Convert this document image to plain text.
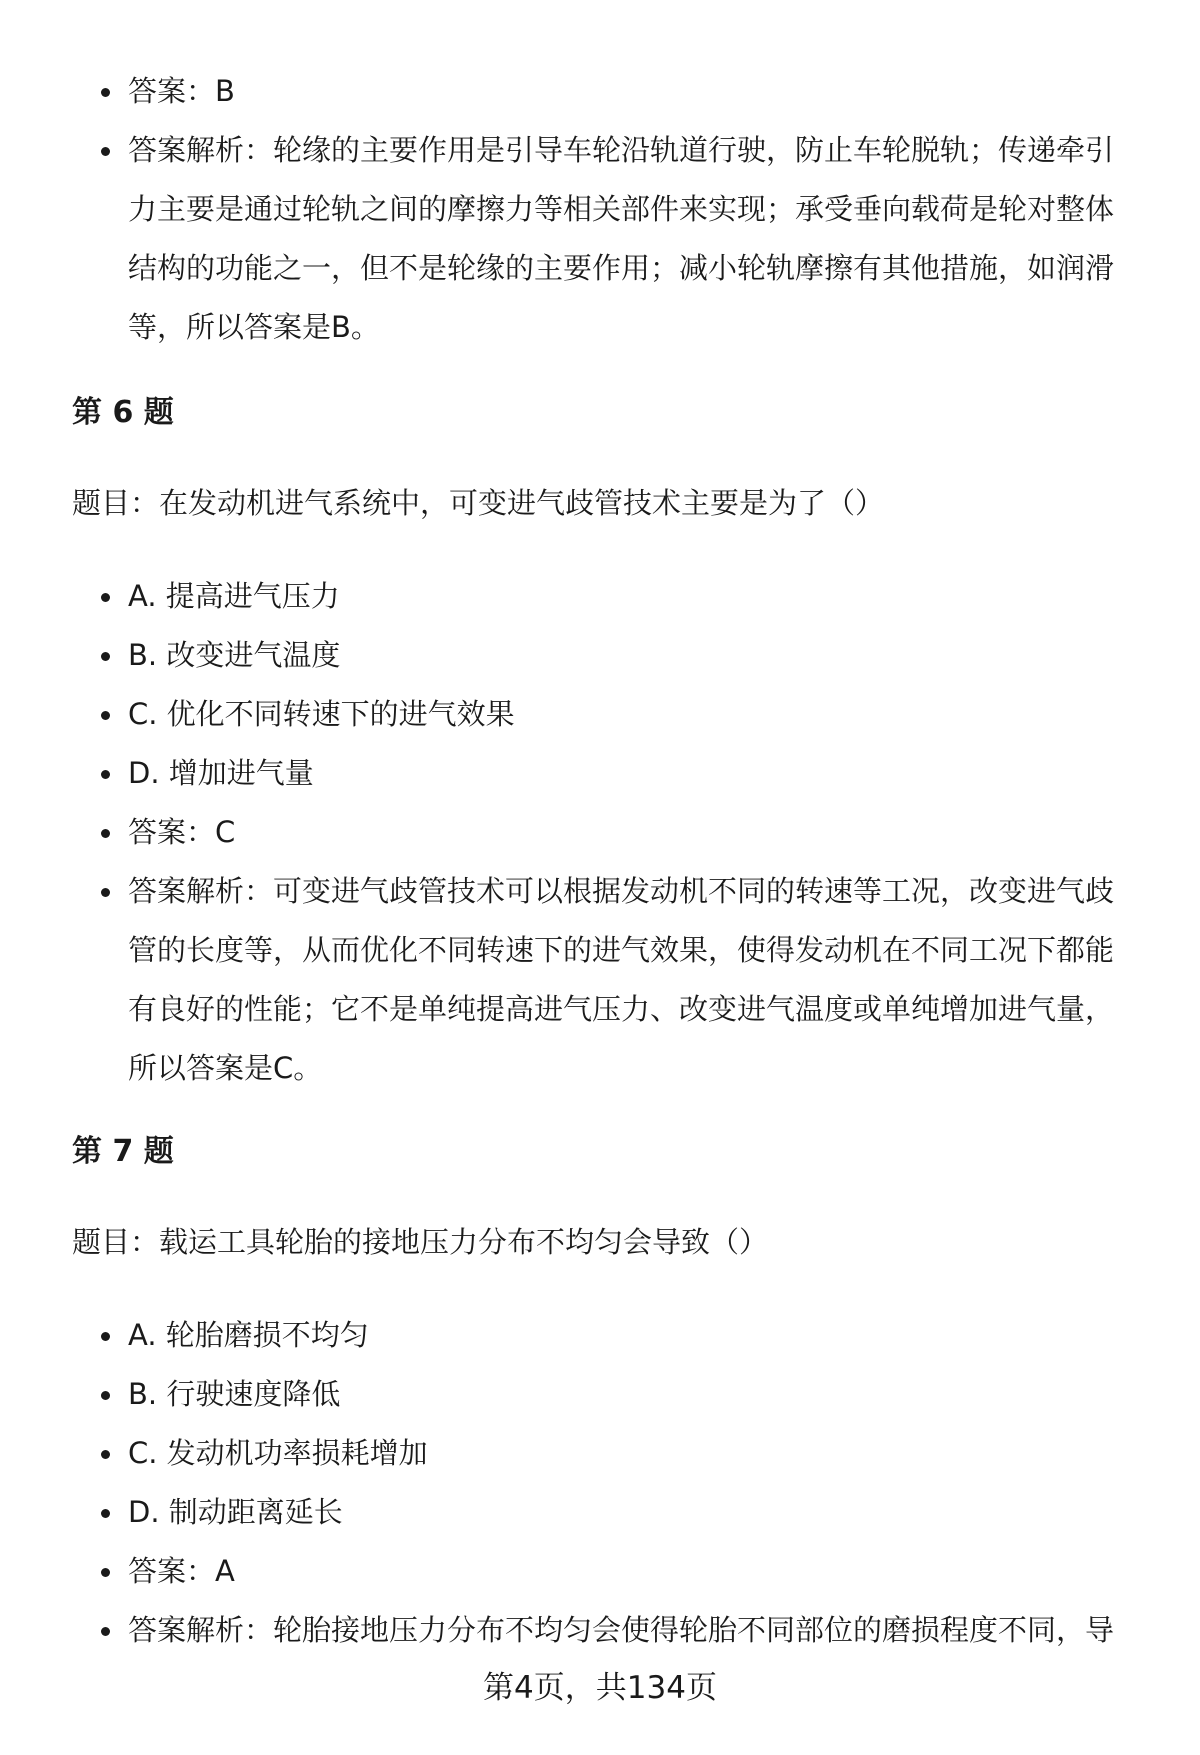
答案：B
答案解析：轮缘的主要作用是引导车轮沿轨道行驶，防止车轮脱轨；传递牵引力主要是通过轮轨之间的摩擦力等相关部件来实现；承受垂向载荷是轮对整体结构的功能之一，但不是轮缘的主要作用；减小轮轨摩擦有其他措施，如润滑等，所以答案是B。

第 6 题

题目：在发动机进气系统中，可变进气歧管技术主要是为了（）

A. 提高进气压力
B. 改变进气温度
C. 优化不同转速下的进气效果
D. 增加进气量
答案：C
答案解析：可变进气歧管技术可以根据发动机不同的转速等工况，改变进气歧管的长度等，从而优化不同转速下的进气效果，使得发动机在不同工况下都能有良好的性能；它不是单纯提高进气压力、改变进气温度或单纯增加进气量，所以答案是C。

第 7 题

题目：载运工具轮胎的接地压力分布不均匀会导致（）

A. 轮胎磨损不均匀
B. 行驶速度降低
C. 发动机功率损耗增加
D. 制动距离延长
答案：A
答案解析：轮胎接地压力分布不均匀会使得轮胎不同部位的磨损程度不同，导
第4页，共134页
